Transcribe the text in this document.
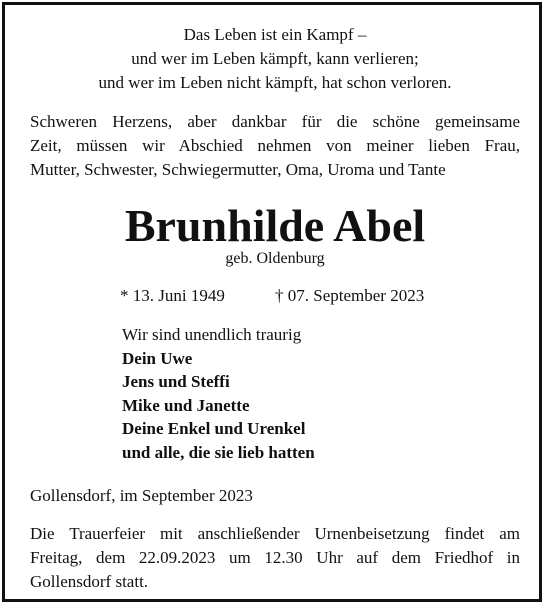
Das Leben ist ein Kampf –
und wer im Leben kämpft, kann verlieren;
und wer im Leben nicht kämpft, hat schon verloren.
Schweren Herzens, aber dankbar für die schöne gemeinsame
Zeit, müssen wir Abschied nehmen von meiner lieben Frau,
Mutter, Schwester, Schwiegermutter, Oma, Uroma und Tante
Brunhilde Abel
geb. Oldenburg
* 13. Juni 1949	† 07. September 2023
Wir sind unendlich traurig
Dein Uwe
Jens und Steffi
Mike und Janette
Deine Enkel und Urenkel
und alle, die sie lieb hatten
Gollensdorf, im September 2023
Die Trauerfeier mit anschließender Urnenbeisetzung findet am
Freitag, dem 22.09.2023 um 12.30 Uhr auf dem Friedhof in
Gollensdorf statt.
